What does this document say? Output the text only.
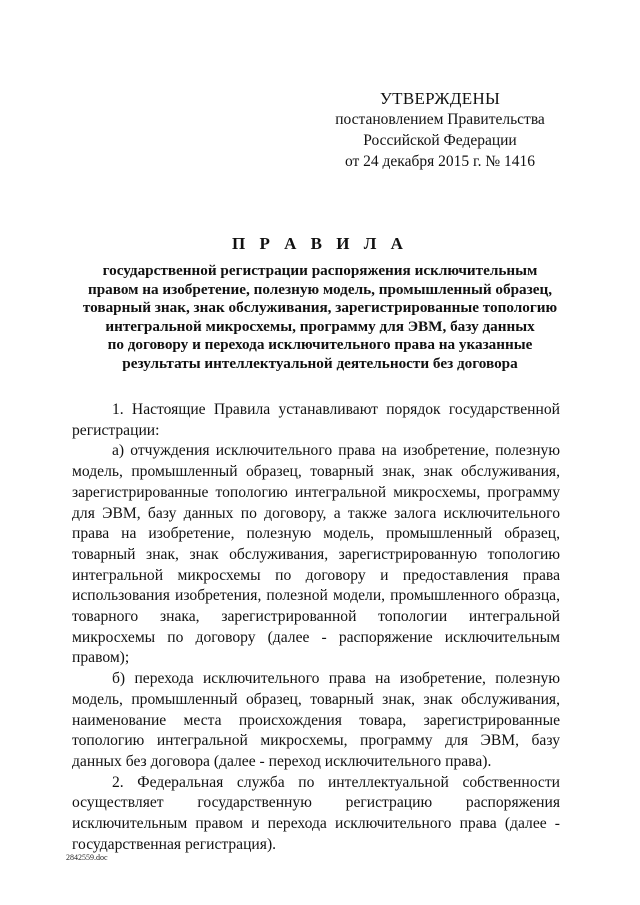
УТВЕРЖДЕНЫ
постановлением Правительства
Российской Федерации
от 24 декабря 2015 г. № 1416
П Р А В И Л А
государственной регистрации распоряжения исключительным
правом на изобретение, полезную модель, промышленный образец,
товарный знак, знак обслуживания, зарегистрированные топологию
интегральной микросхемы, программу для ЭВМ, базу данных
по договору и перехода исключительного права на указанные
результаты интеллектуальной деятельности без договора

1. Настоящие Правила устанавливают порядок государственной регистрации:

а) отчуждения исключительного права на изобретение, полезную модель, промышленный образец, товарный знак, знак обслуживания, зарегистрированные топологию интегральной микросхемы, программу для ЭВМ, базу данных по договору, а также залога исключительного права на изобретение, полезную модель, промышленный образец, товарный знак, знак обслуживания, зарегистрированную топологию интегральной микросхемы по договору и предоставления права использования изобретения, полезной модели, промышленного образца, товарного знака, зарегистрированной топологии интегральной микросхемы по договору (далее - распоряжение исключительным правом);

б) перехода исключительного права на изобретение, полезную модель, промышленный образец, товарный знак, знак обслуживания, наименование места происхождения товара, зарегистрированные топологию интегральной микросхемы, программу для ЭВМ, базу данных без договора (далее - переход исключительного права).

2. Федеральная служба по интеллектуальной собственности осуществляет государственную регистрацию распоряжения исключительным правом и перехода исключительного права (далее - государственная регистрация).

2842559.doc
